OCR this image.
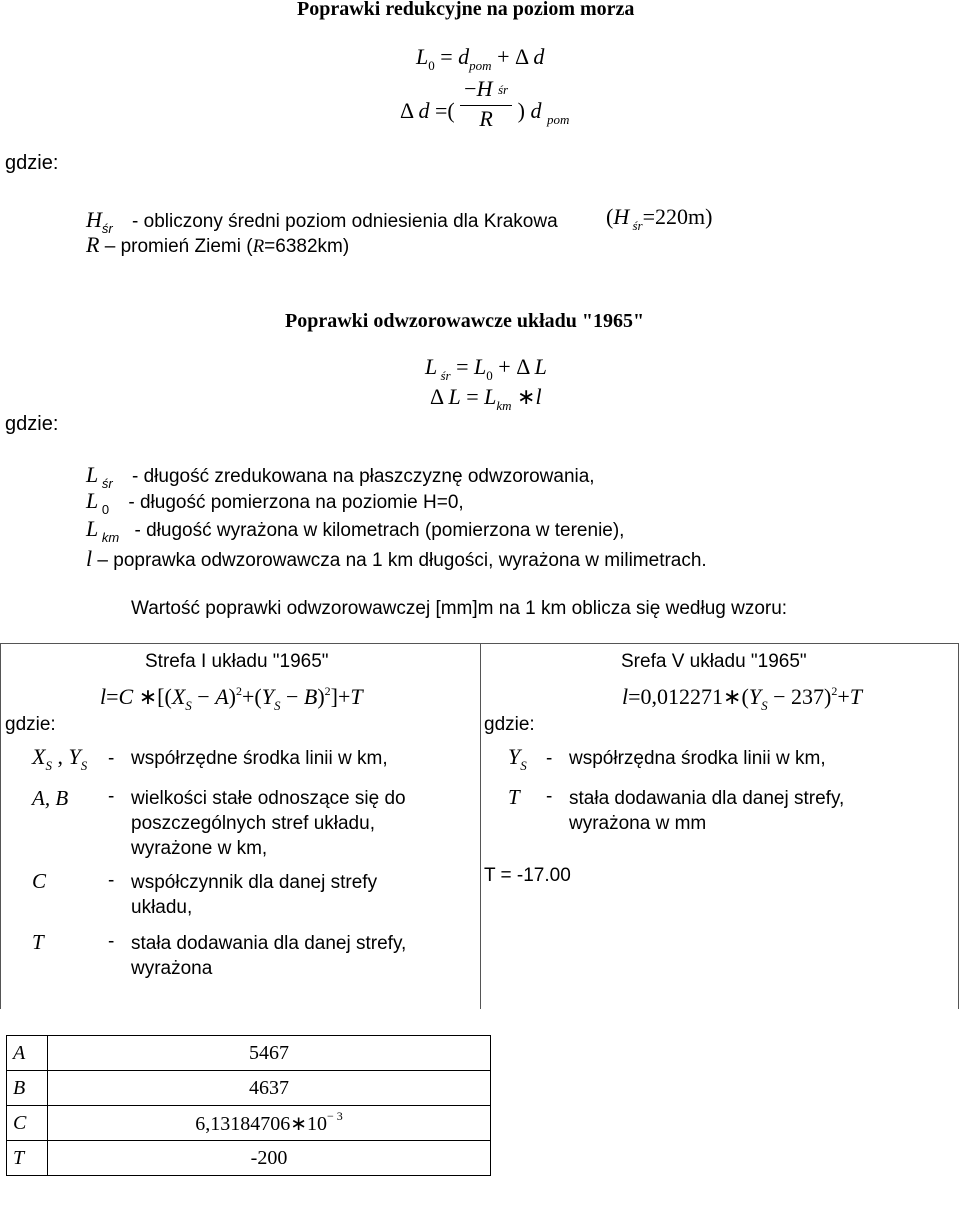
Poprawki redukcyjne na poziom morza
$L_0 = d_{pom} + \Delta$ d
Δ d =( $\frac{\text{−H śr}}{R}$ ) d $_{pom}$
gdzie:
$H_{śr}$ - obliczony średni poziom odniesienia dla Krakowa (H $_{śr}$=220m)
R – promień Ziemi (R=6382km)
Poprawki odwzorowawcze układu "1965"
L $_{śr} = L_0 + \Delta$ L
Δ $L = L_{km}$ ∗l
gdzie:
L $_{śr}$ - długość zredukowana na płaszczyznę odwzorowania,
L $_0$ - długość pomierzona na poziomie H=0,
L $_{km}$ - długość wyrażona w kilometrach (pomierzona w terenie),
l – poprawka odwzorowawcza na 1 km długości, wyrażona w milimetrach.
Wartość poprawki odwzorowawczej [mm]m na 1 km oblicza się według wzoru:
Strefa I układu "1965"
l=C $∗[(X_S - A)^2+(Y_S - B)^2]+T$
gdzie:
$X_S$ , $Y_S$ - współrzędne środka linii w km,
A, B - wielkości stałe odnoszące się do poszczególnych stref układu, wyrażone w km,
C	- współczynnik dla danej strefy układu,
T	- stała dodawania dla danej strefy, wyrażona
Srefa V układu "1965"
$l=0,012271∗(Y_S - 237)^2+T$
gdzie:
$Y_S$ - współrzędna środka linii w km,
T - stała dodawania dla danej strefy, wyrażona w mm
T = -17.00
A	5467
B	4637
C	$6,13184706∗10^{- 3}$
T	-200
